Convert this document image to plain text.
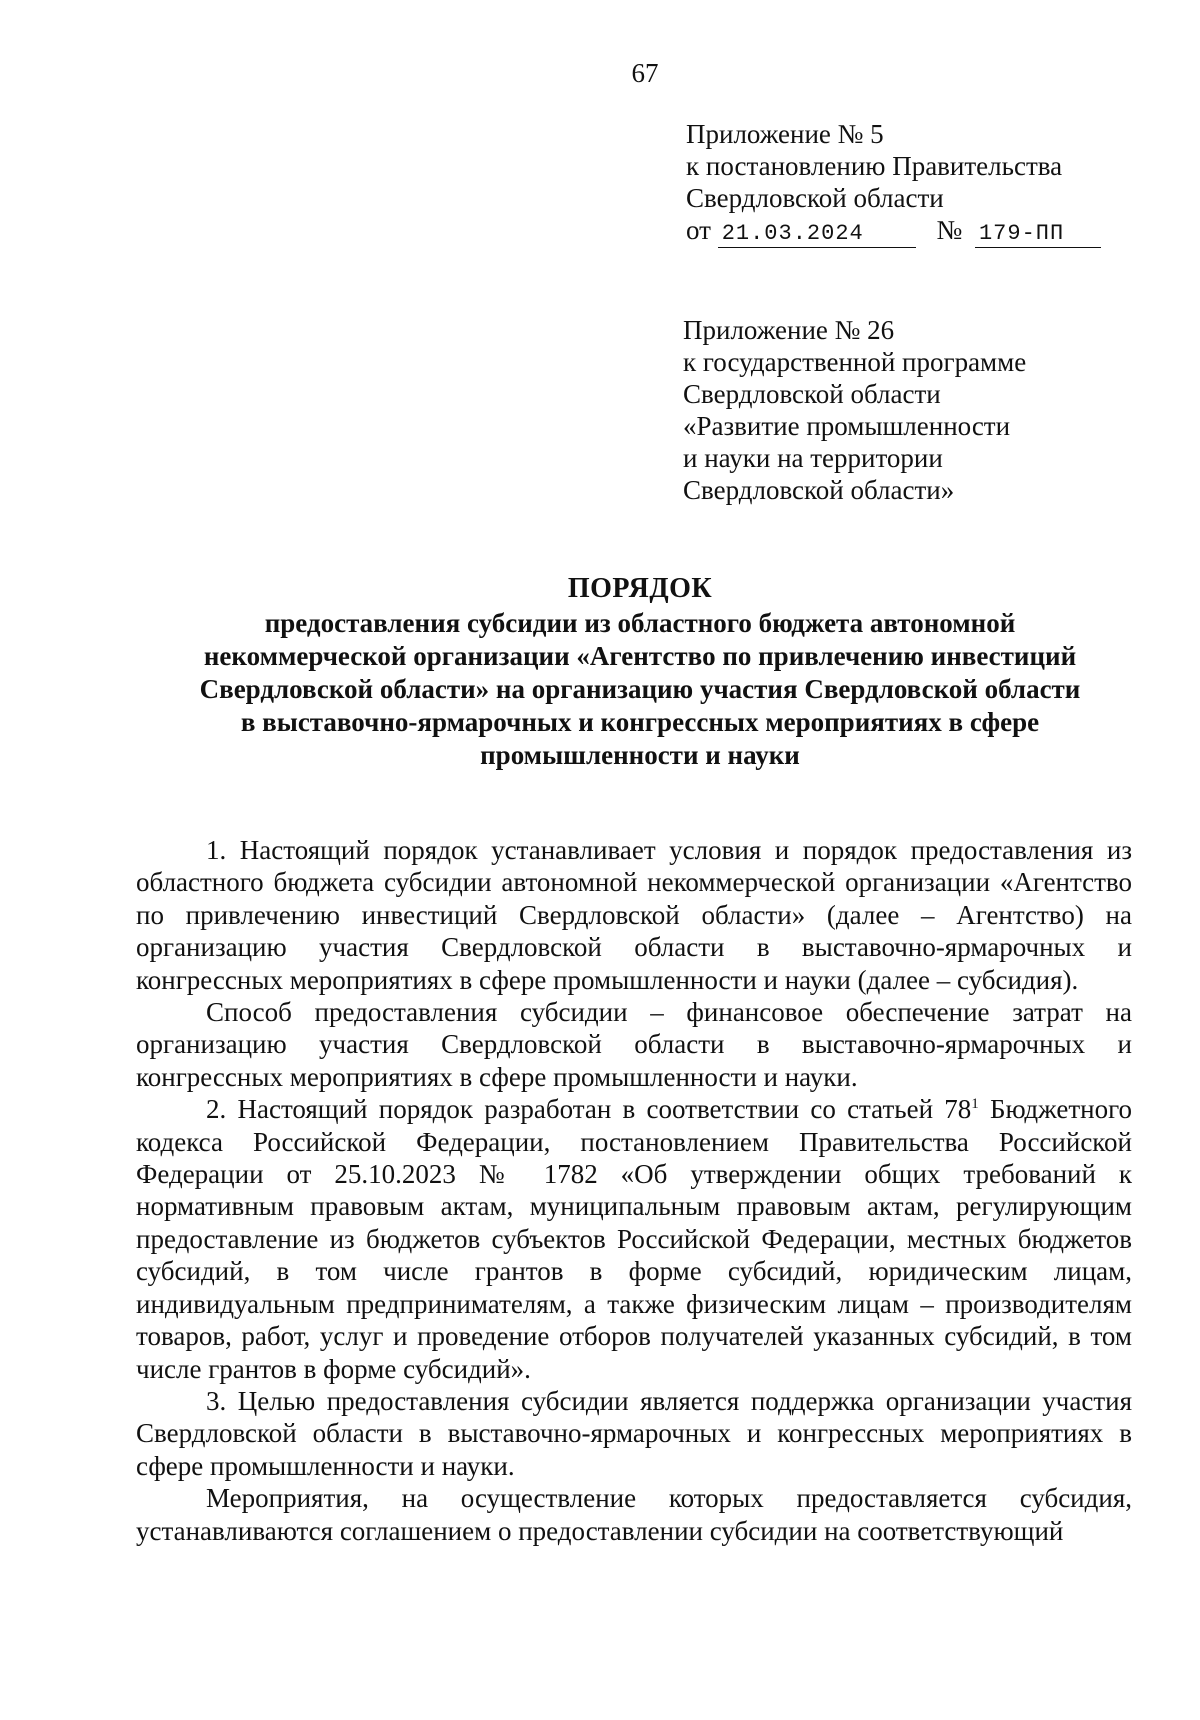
67
Приложение № 5
к постановлению Правительства
Свердловской области
от 21.03.2024	№ 179-ПП
Приложение № 26
к государственной программе
Свердловской области
«Развитие промышленности
и науки на территории
Свердловской области»
ПОРЯДОК
предоставления субсидии из областного бюджета автономной
некоммерческой организации «Агентство по привлечению инвестиций
Свердловской области» на организацию участия Свердловской области
в выставочно-ярмарочных и конгрессных мероприятиях в сфере
промышленности и науки

1. Настоящий порядок устанавливает условия и порядок предоставления из областного бюджета субсидии автономной некоммерческой организации «Агентство по привлечению инвестиций Свердловской области» (далее – Агентство) на организацию участия Свердловской области в выставочно-ярмарочных и конгрессных мероприятиях в сфере промышленности и науки (далее – субсидия).

Способ предоставления субсидии – финансовое обеспечение затрат на организацию участия Свердловской области в выставочно-ярмарочных и конгрессных мероприятиях в сфере промышленности и науки.

2. Настоящий порядок разработан в соответствии со статьей $78^1$ Бюджетного кодекса Российской Федерации, постановлением Правительства Российской Федерации от 25.10.2023 № 1782 «Об утверждении общих требований к нормативным правовым актам, муниципальным правовым актам, регулирующим предоставление из бюджетов субъектов Российской Федерации, местных бюджетов субсидий, в том числе грантов в форме субсидий, юридическим лицам, индивидуальным предпринимателям, а также физическим лицам – производителям товаров, работ, услуг и проведение отборов получателей указанных субсидий, в том числе грантов в форме субсидий».

3. Целью предоставления субсидии является поддержка организации участия Свердловской области в выставочно-ярмарочных и конгрессных мероприятиях в сфере промышленности и науки.

Мероприятия, на осуществление которых предоставляется субсидия, устанавливаются соглашением о предоставлении субсидии на соответствующий
